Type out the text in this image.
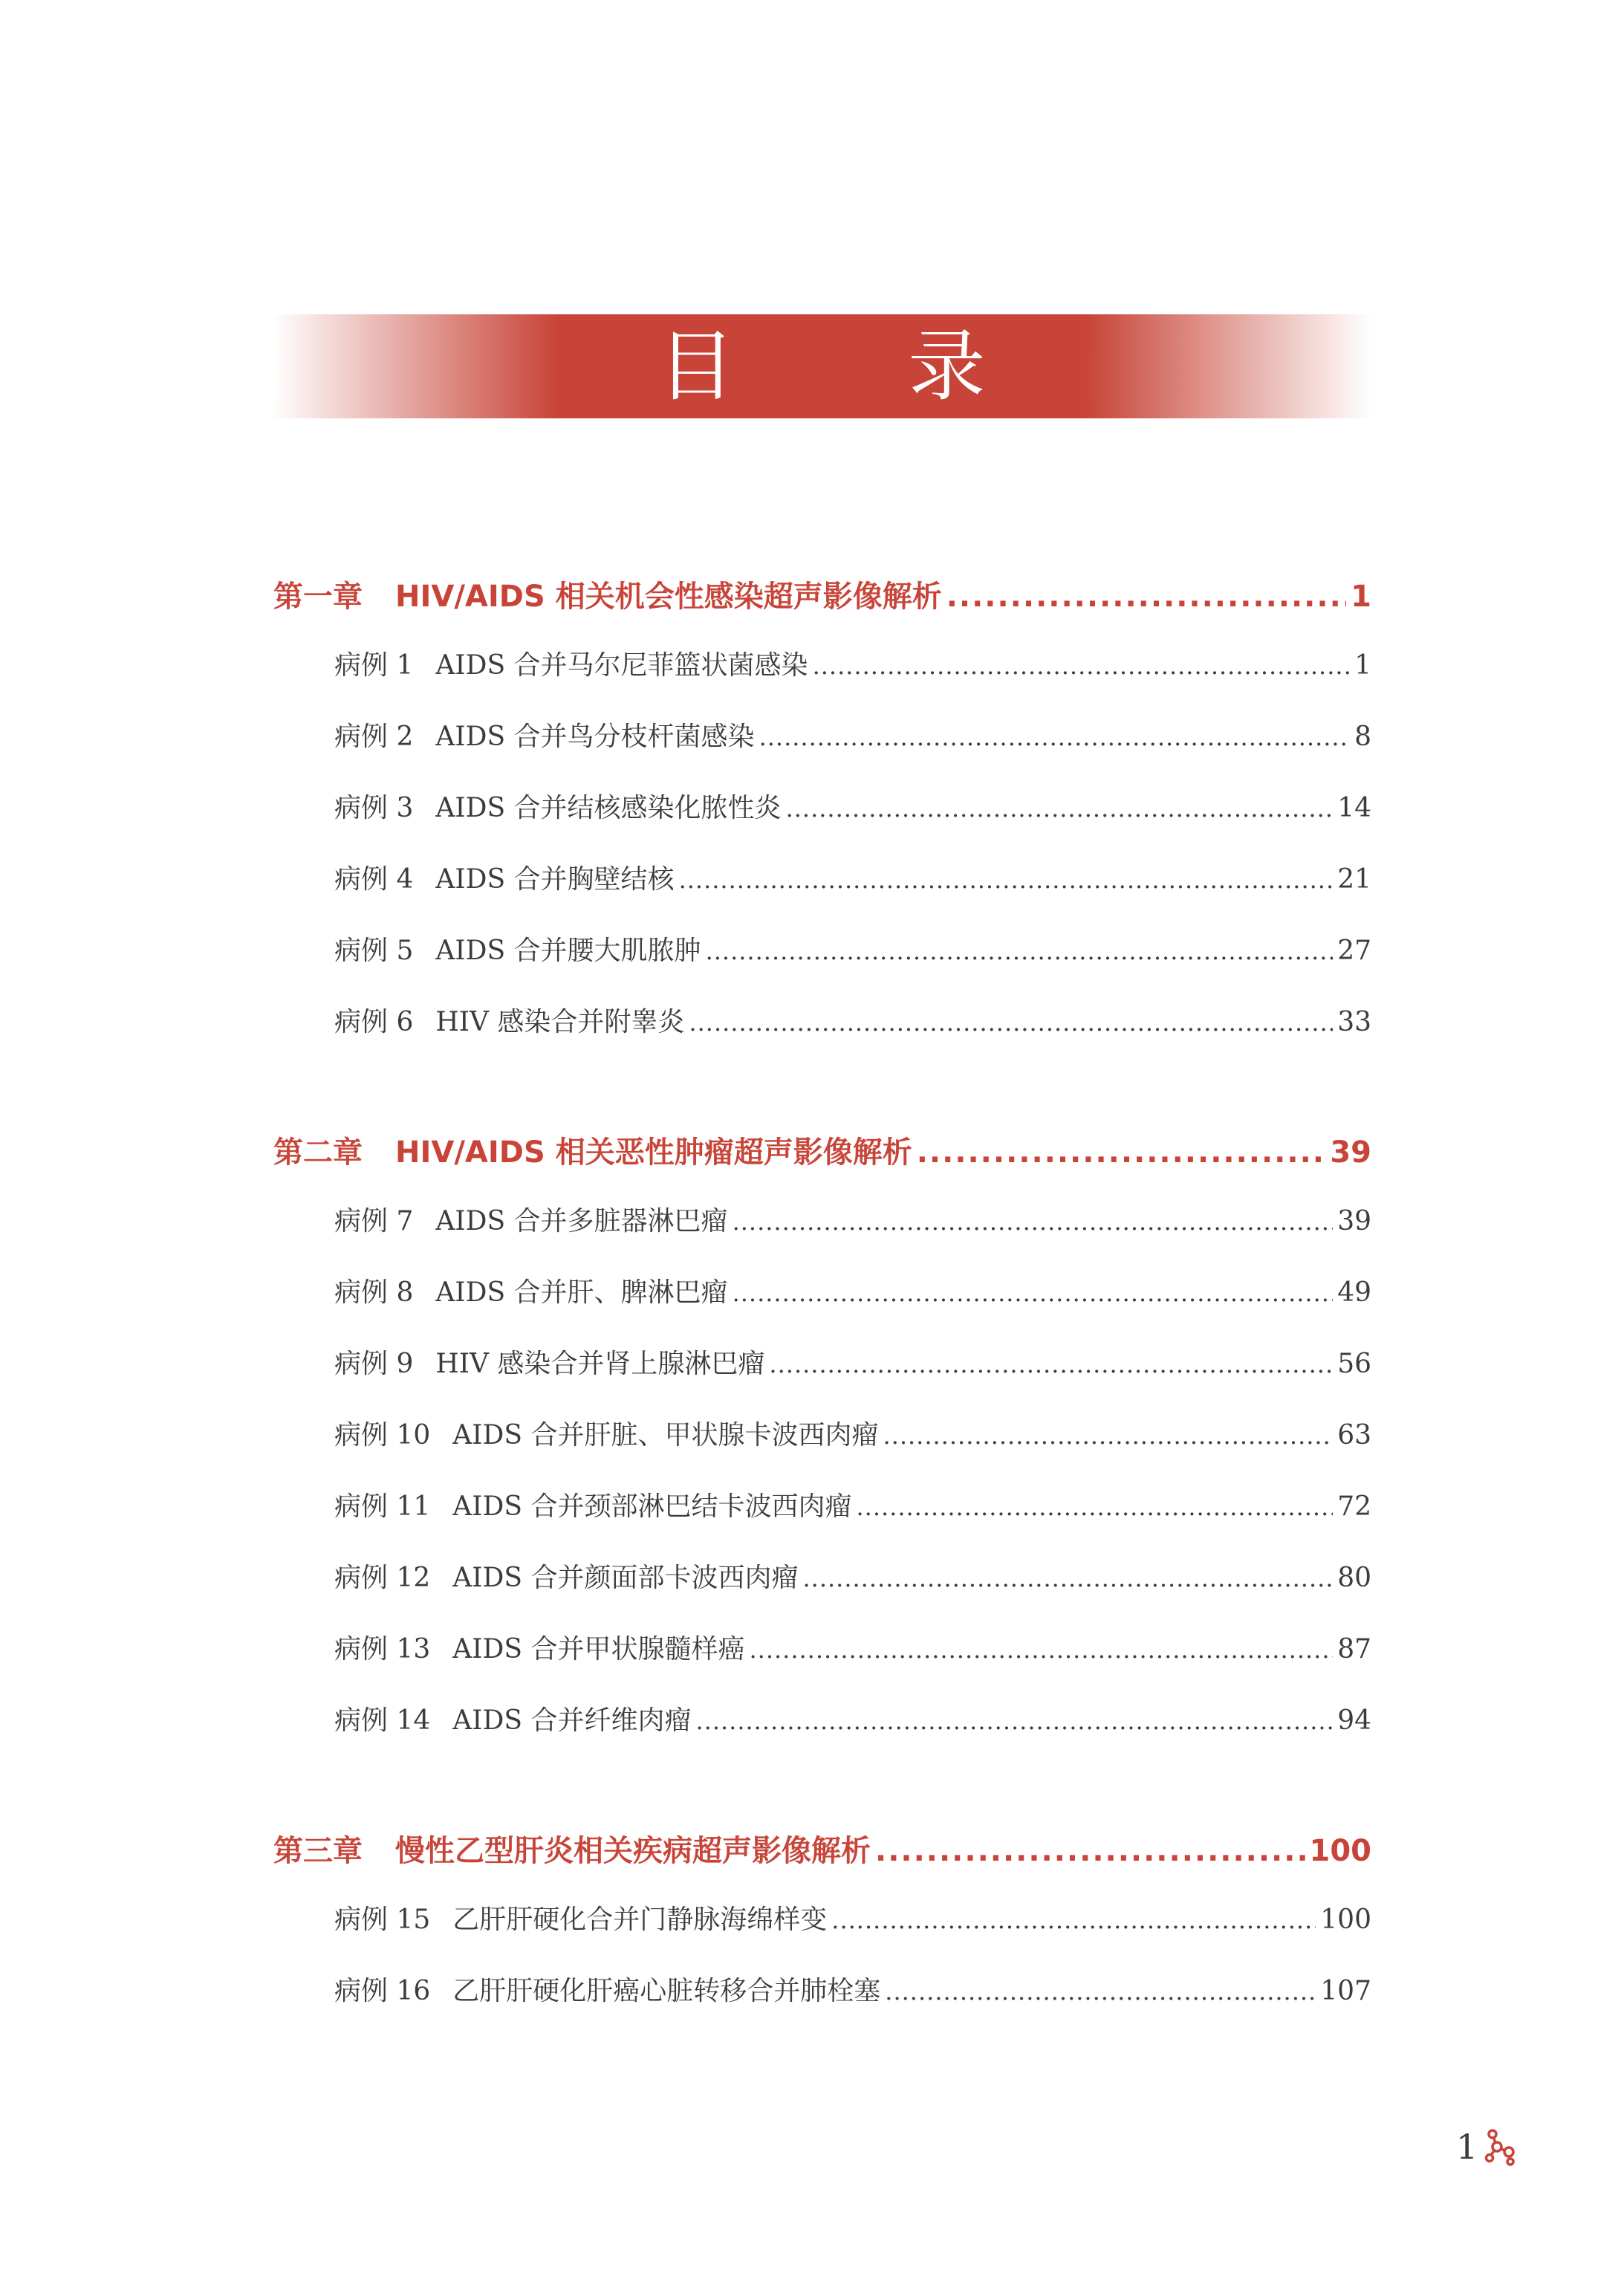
目 录
第一章 HIV/AIDS 相关机会性感染超声影像解析 .....	1
病例 1 AIDS 合并马尔尼菲篮状菌感染 .....	1
病例 2 AIDS 合并鸟分枝杆菌感染 .....	8
病例 3 AIDS 合并结核感染化脓性炎 .....	14
病例 4 AIDS 合并胸壁结核 .....	21
病例 5 AIDS 合并腰大肌脓肿 .....	27
病例 6 HIV 感染合并附睾炎 .....	33
第二章 HIV/AIDS 相关恶性肿瘤超声影像解析 .....	39
病例 7 AIDS 合并多脏器淋巴瘤 .....	39
病例 8 AIDS 合并肝、脾淋巴瘤 .....	49
病例 9 HIV 感染合并肾上腺淋巴瘤 .....	56
病例 10 AIDS 合并肝脏、甲状腺卡波西肉瘤 .....	63
病例 11 AIDS 合并颈部淋巴结卡波西肉瘤 .....	72
病例 12 AIDS 合并颜面部卡波西肉瘤 .....	80
病例 13 AIDS 合并甲状腺髓样癌 .....	87
病例 14 AIDS 合并纤维肉瘤 .....	94
第三章 慢性乙型肝炎相关疾病超声影像解析 .....	100
病例 15 乙肝肝硬化合并门静脉海绵样变 .....	100
病例 16 乙肝肝硬化肝癌心脏转移合并肺栓塞 .....	107
1
